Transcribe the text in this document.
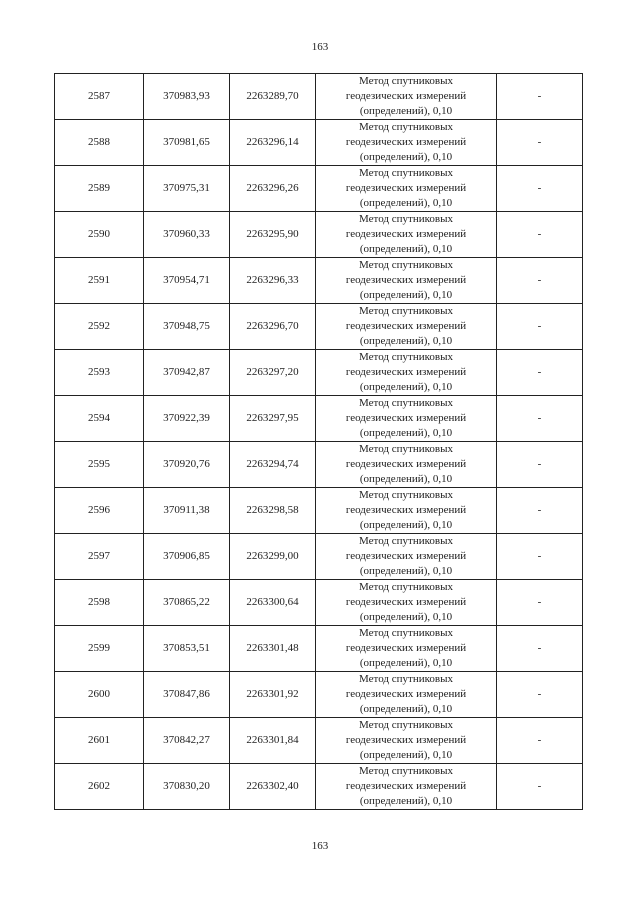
163
2587	370983,93	2263289,70	Метод спутниковых
геодезических измерений
(определений), 0,10	-
2588	370981,65	2263296,14	Метод спутниковых
геодезических измерений
(определений), 0,10	-
2589	370975,31	2263296,26	Метод спутниковых
геодезических измерений
(определений), 0,10	-
2590	370960,33	2263295,90	Метод спутниковых
геодезических измерений
(определений), 0,10	-
2591	370954,71	2263296,33	Метод спутниковых
геодезических измерений
(определений), 0,10	-
2592	370948,75	2263296,70	Метод спутниковых
геодезических измерений
(определений), 0,10	-
2593	370942,87	2263297,20	Метод спутниковых
геодезических измерений
(определений), 0,10	-
2594	370922,39	2263297,95	Метод спутниковых
геодезических измерений
(определений), 0,10	-
2595	370920,76	2263294,74	Метод спутниковых
геодезических измерений
(определений), 0,10	-
2596	370911,38	2263298,58	Метод спутниковых
геодезических измерений
(определений), 0,10	-
2597	370906,85	2263299,00	Метод спутниковых
геодезических измерений
(определений), 0,10	-
2598	370865,22	2263300,64	Метод спутниковых
геодезических измерений
(определений), 0,10	-
2599	370853,51	2263301,48	Метод спутниковых
геодезических измерений
(определений), 0,10	-
2600	370847,86	2263301,92	Метод спутниковых
геодезических измерений
(определений), 0,10	-
2601	370842,27	2263301,84	Метод спутниковых
геодезических измерений
(определений), 0,10	-
2602	370830,20	2263302,40	Метод спутниковых
геодезических измерений
(определений), 0,10	-
163
